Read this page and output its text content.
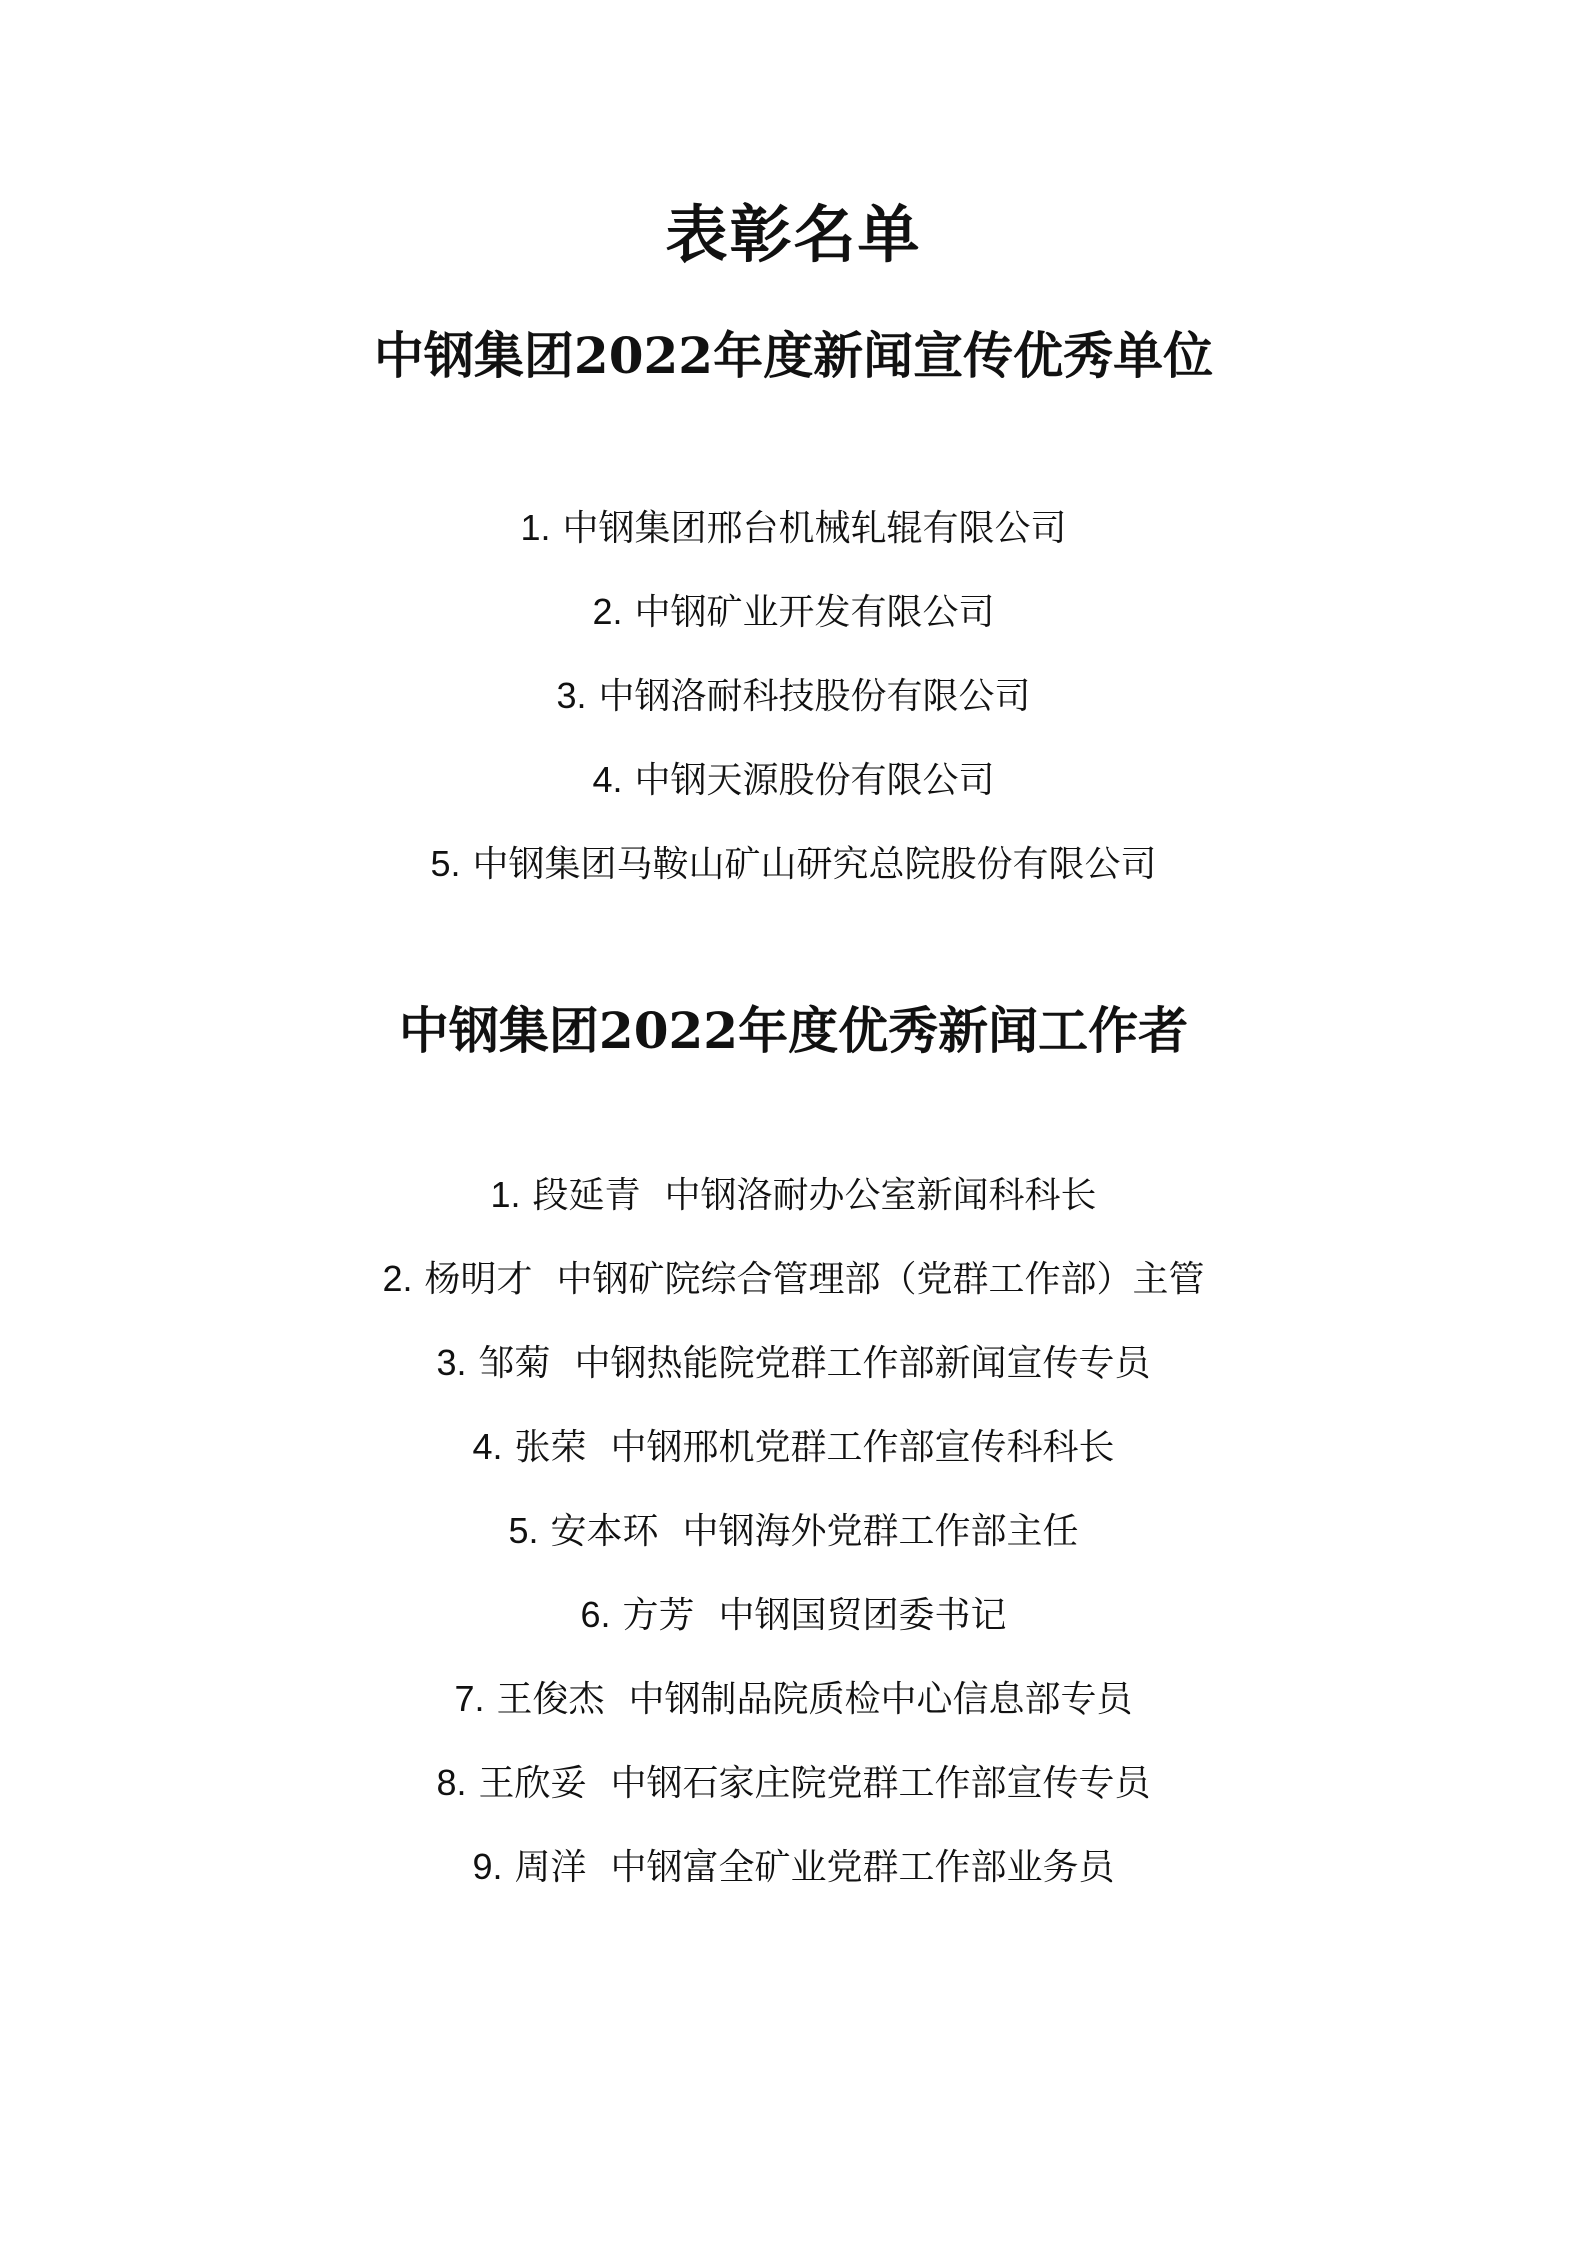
表彰名单
中钢集团2022年度新闻宣传优秀单位
1. 中钢集团邢台机械轧辊有限公司
2. 中钢矿业开发有限公司
3. 中钢洛耐科技股份有限公司
4. 中钢天源股份有限公司
5. 中钢集团马鞍山矿山研究总院股份有限公司
中钢集团2022年度优秀新闻工作者
1. 段延青 中钢洛耐办公室新闻科科长
2. 杨明才 中钢矿院综合管理部（党群工作部）主管
3. 邹菊 中钢热能院党群工作部新闻宣传专员
4. 张荣 中钢邢机党群工作部宣传科科长
5. 安本环 中钢海外党群工作部主任
6. 方芳 中钢国贸团委书记
7. 王俊杰 中钢制品院质检中心信息部专员
8. 王欣妥 中钢石家庄院党群工作部宣传专员
9. 周洋 中钢富全矿业党群工作部业务员
